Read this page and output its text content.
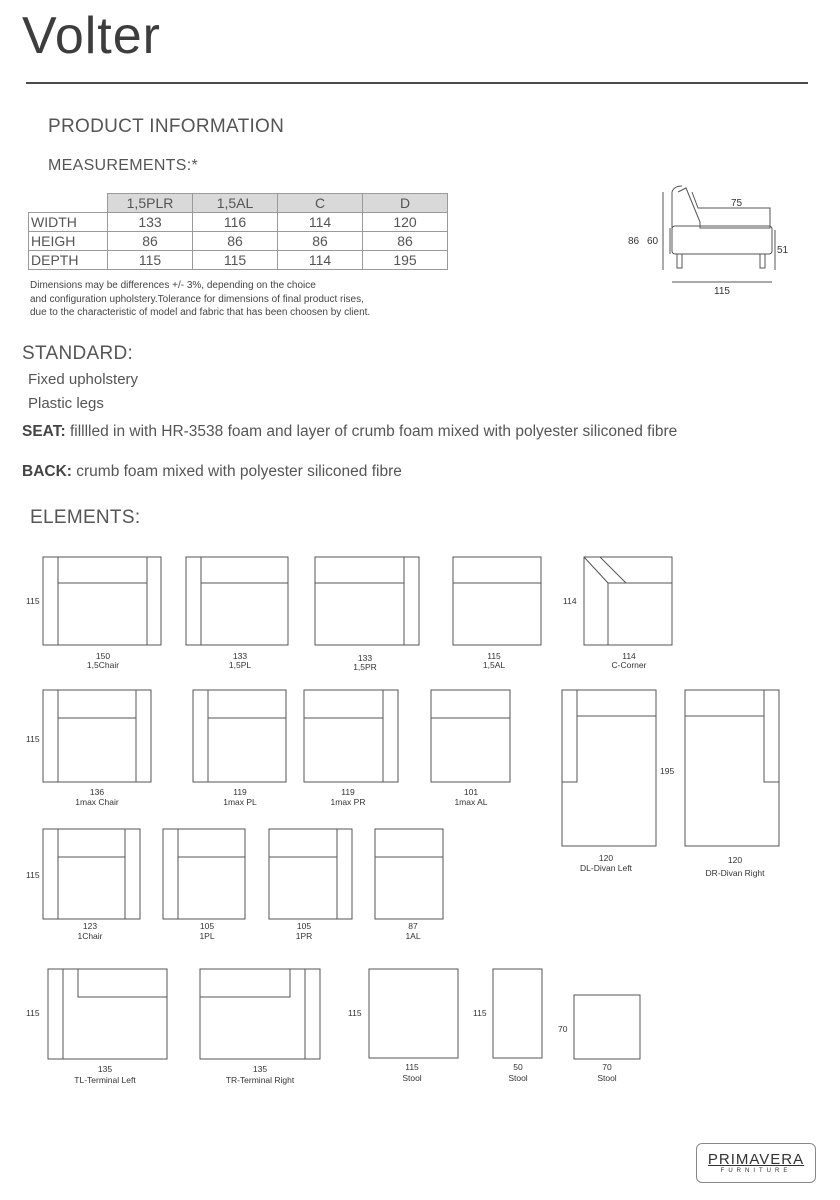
Volter
PRODUCT INFORMATION
MEASUREMENTS:*
	1,5PLR	1,5AL	C	D
WIDTH	133	116	114	120
HEIGH	86	86	86	86
DEPTH	115	115	114	195
Dimensions may be differences +/- 3%, depending on the choice
and configuration upholstery.Tolerance for dimensions of final product rises,
due to the characteristic of model and fabric that has been choosen by client.
STANDARD:
Fixed upholstery
Plastic legs
SEAT: filllled in with HR-3538 foam and layer of crumb foam mixed with polyester siliconed fibre
BACK: crumb foam mixed with polyester siliconed fibre
ELEMENTS:
75
86 60
51
115
115	114
115
195
115
115	115	115
70
150
1,5Chair
133
1,5PL
133
1,5PR
115
1,5AL
114
C-Corner
136
1max Chair
119
1max PL
119
1max PR
101
1max AL
120
DL-Divan Left
120
DR-Divan Right
123
1Chair
105
1PL
105
1PR
87
1AL
135
TL-Terminal Left
135
TR-Terminal Right
115
Stool
50
Stool
70
Stool
PRIMAVERA
FURNITURE
